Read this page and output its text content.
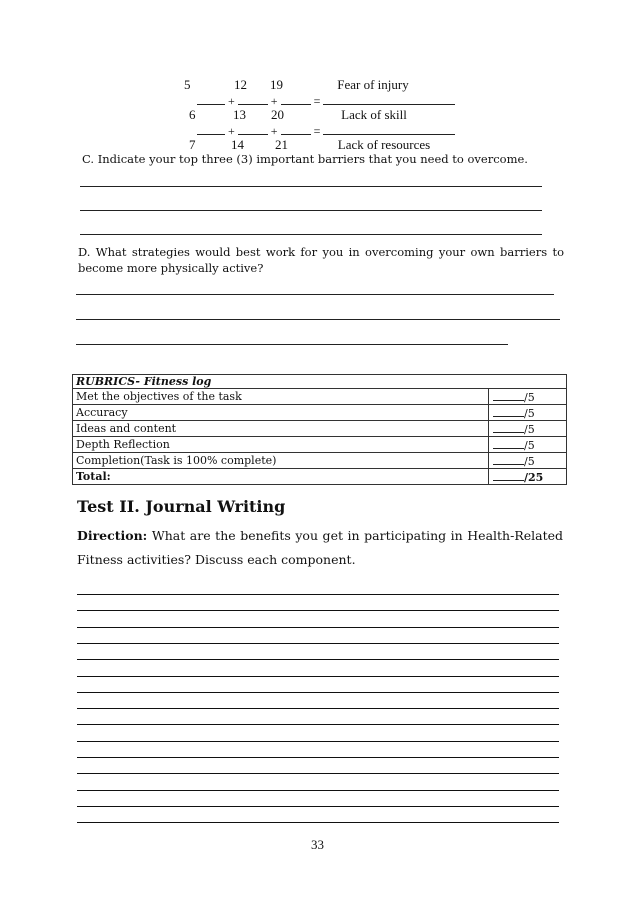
5	12 19	Fear of injury
+	+	=
6	13 20	Lack of skill
+	+	=
7	14 21	Lack of resources
C. Indicate your top three (3) important barriers that you need to overcome.
D. What strategies would best work for you in overcoming your own barriers to become more physically active?
RUBRICS- Fitness log	
Met the objectives of the task	/5
Accuracy	/5
Ideas and content	/5
Depth Reflection	/5
Completion(Task is 100% complete)	/5
Total:	/25
Test II. Journal Writing
Direction: What are the benefits you get in participating in Health-Related Fitness activities? Discuss each component.
33
